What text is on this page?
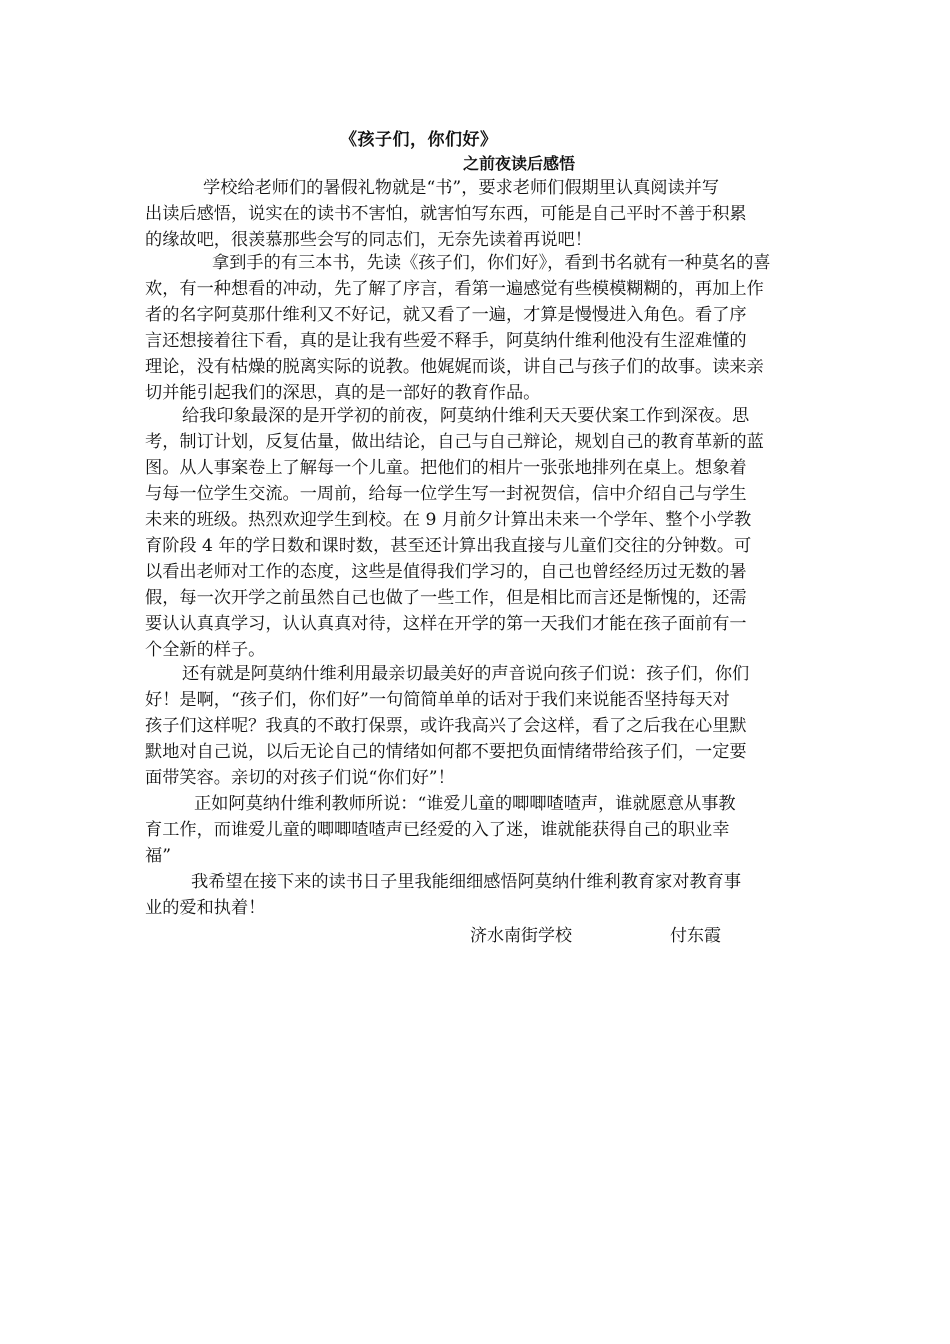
《孩子们，你们好》
之前夜读后感悟
学校给老师们的暑假礼物就是“书”，要求老师们假期里认真阅读并写
出读后感悟，说实在的读书不害怕，就害怕写东西，可能是自己平时不善于积累
的缘故吧，很羡慕那些会写的同志们，无奈先读着再说吧！
拿到手的有三本书，先读《孩子们，你们好》，看到书名就有一种莫名的喜
欢，有一种想看的冲动，先了解了序言，看第一遍感觉有些模模糊糊的，再加上作
者的名字阿莫那什维利又不好记，就又看了一遍，才算是慢慢进入角色。看了序
言还想接着往下看，真的是让我有些爱不释手，阿莫纳什维利他没有生涩难懂的
理论，没有枯燥的脱离实际的说教。他娓娓而谈，讲自己与孩子们的故事。读来亲
切并能引起我们的深思，真的是一部好的教育作品。
给我印象最深的是开学初的前夜，阿莫纳什维利天天要伏案工作到深夜。思
考，制订计划，反复估量，做出结论，自己与自己辩论，规划自己的教育革新的蓝
图。从人事案卷上了解每一个儿童。把他们的相片一张张地排列在桌上。想象着
与每一位学生交流。一周前，给每一位学生写一封祝贺信，信中介绍自己与学生
未来的班级。热烈欢迎学生到校。在 9 月前夕计算出未来一个学年、整个小学教
育阶段 4 年的学日数和课时数，甚至还计算出我直接与儿童们交往的分钟数。可
以看出老师对工作的态度，这些是值得我们学习的，自己也曾经经历过无数的暑
假，每一次开学之前虽然自己也做了一些工作，但是相比而言还是惭愧的，还需
要认认真真学习，认认真真对待，这样在开学的第一天我们才能在孩子面前有一
个全新的样子。
还有就是阿莫纳什维利用最亲切最美好的声音说向孩子们说：孩子们，你们
好！是啊，“孩子们，你们好”一句简简单单的话对于我们来说能否坚持每天对
孩子们这样呢？我真的不敢打保票，或许我高兴了会这样，看了之后我在心里默
默地对自己说，以后无论自己的情绪如何都不要把负面情绪带给孩子们，一定要
面带笑容。亲切的对孩子们说“你们好”！
正如阿莫纳什维利教师所说：“谁爱儿童的唧唧喳喳声，谁就愿意从事教
育工作，而谁爱儿童的唧唧喳喳声已经爱的入了迷，谁就能获得自己的职业幸
福”
我希望在接下来的读书日子里我能细细感悟阿莫纳什维利教育家对教育事
业的爱和执着！
济水南街学校	付东霞
